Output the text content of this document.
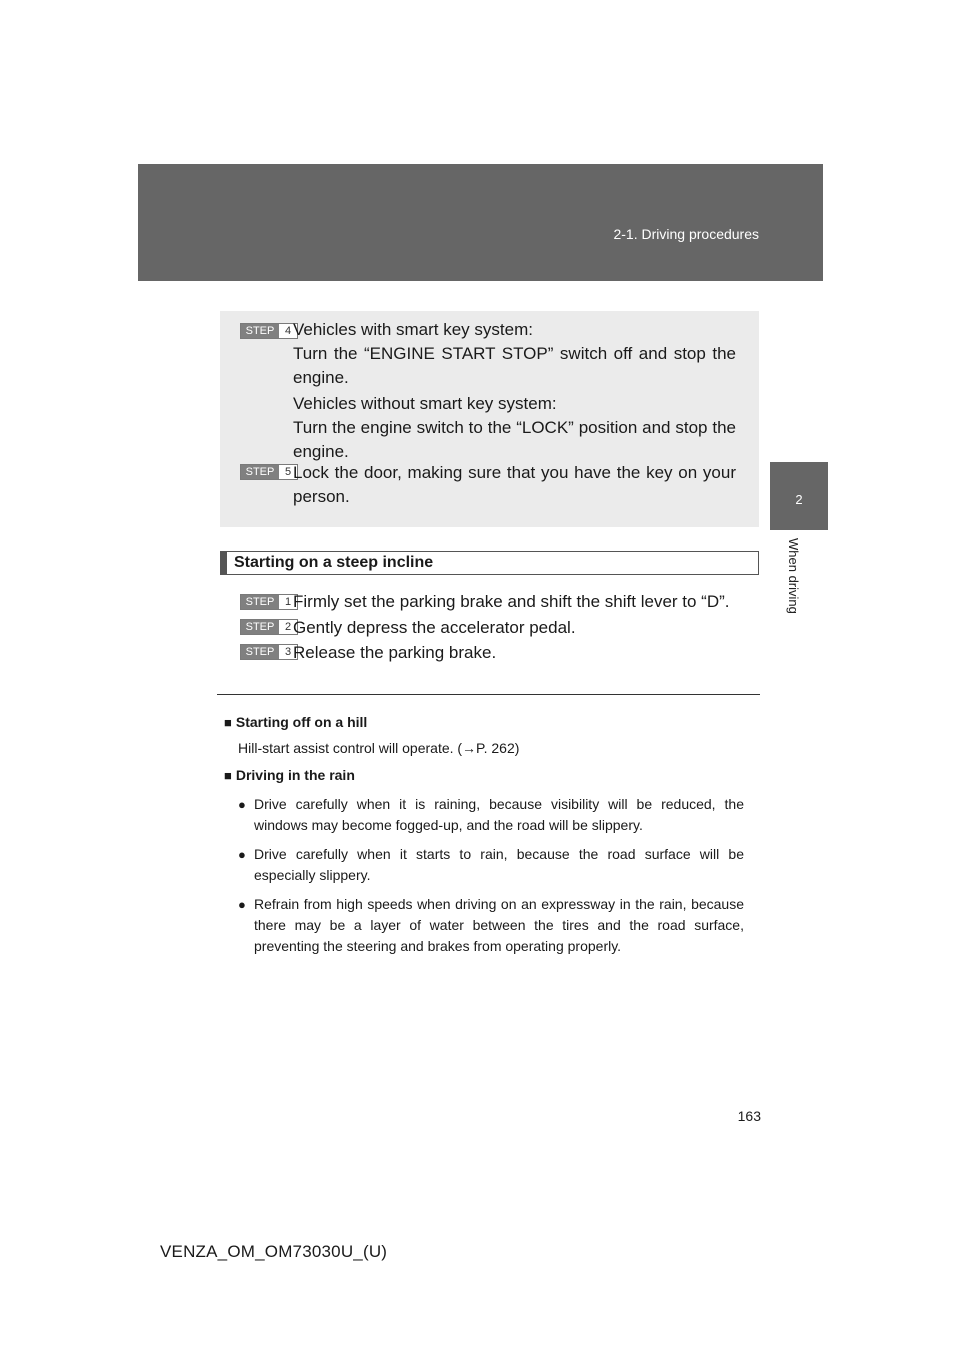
2-1. Driving procedures
2
When driving
STEP 4 Vehicles with smart key system:

Turn the “ENGINE START STOP” switch off and stop the engine.

Vehicles without smart key system:

Turn the engine switch to the “LOCK” position and stop the engine.

STEP 5 Lock the door, making sure that you have the key on your person.

Starting on a steep incline
STEP 1 Firmly set the parking brake and shift the shift lever to “D”.
STEP 2 Gently depress the accelerator pedal.
STEP 3 Release the parking brake.
■ Starting off on a hill
Hill-start assist control will operate. (→P. 262)
■ Driving in the rain
● Drive carefully when it is raining, because visibility will be reduced, the windows may become fogged-up, and the road will be slippery.
● Drive carefully when it starts to rain, because the road surface will be especially slippery.
● Refrain from high speeds when driving on an expressway in the rain, because there may be a layer of water between the tires and the road surface, preventing the steering and brakes from operating properly.
163
VENZA_OM_OM73030U_(U)
